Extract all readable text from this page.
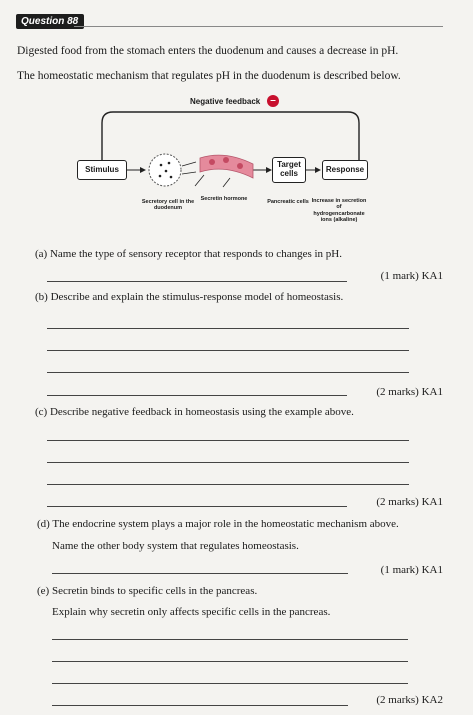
Question 88
Digested food from the stomach enters the duodenum and causes a decrease in pH.
The homeostatic mechanism that regulates pH in the duodenum is described below.
Negative feedback –
Stimulus	Target cells	Response
Secretory cell in the duodenum
Secretin hormone	Pancreatic cells Increase in secretion of hydrogencarbonate ions (alkaline)
(a) Name the type of sensory receptor that responds to changes in pH.
(1 mark) KA1
(b) Describe and explain the stimulus-response model of homeostasis.
(2 marks) KA1
(c) Describe negative feedback in homeostasis using the example above.
(2 marks) KA1
(d) The endocrine system plays a major role in the homeostatic mechanism above.
Name the other body system that regulates homeostasis.
(1 mark) KA1
(e) Secretin binds to specific cells in the pancreas.
Explain why secretin only affects specific cells in the pancreas.
(2 marks) KA2
